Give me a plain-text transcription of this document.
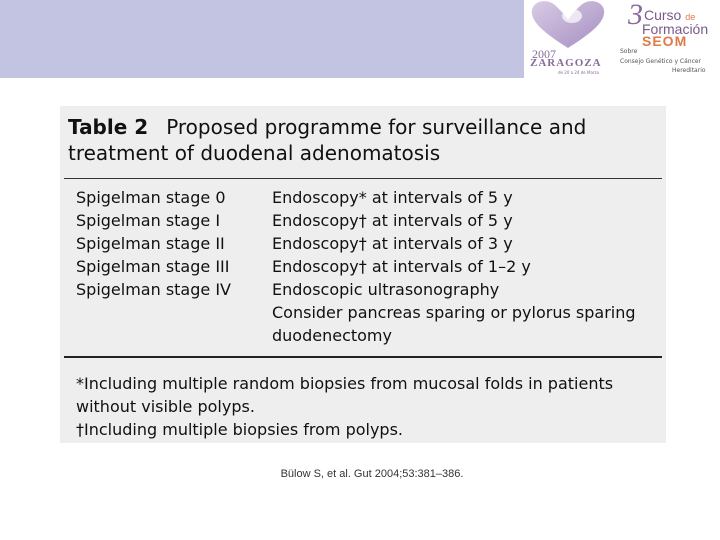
2007
ZARAGOZA
de 20 a 24 de Marzo
3 Curso de
Formación
SEOM
Sobre
Consejo Genético y Cáncer
Hereditario
Table 2 Proposed programme for surveillance and treatment of duodenal adenomatosis
Spigelman stage 0
Spigelman stage I
Spigelman stage II
Spigelman stage III
Spigelman stage IV
Endoscopy* at intervals of 5 y
Endoscopy† at intervals of 5 y
Endoscopy† at intervals of 3 y
Endoscopy† at intervals of 1–2 y
Endoscopic ultrasonography
Consider pancreas sparing or pylorus sparing duodenectomy

*Including multiple random biopsies from mucosal folds in patients without visible polyps.

†Including multiple biopsies from polyps.

Bülow S, et al. Gut 2004;53:381–386.
